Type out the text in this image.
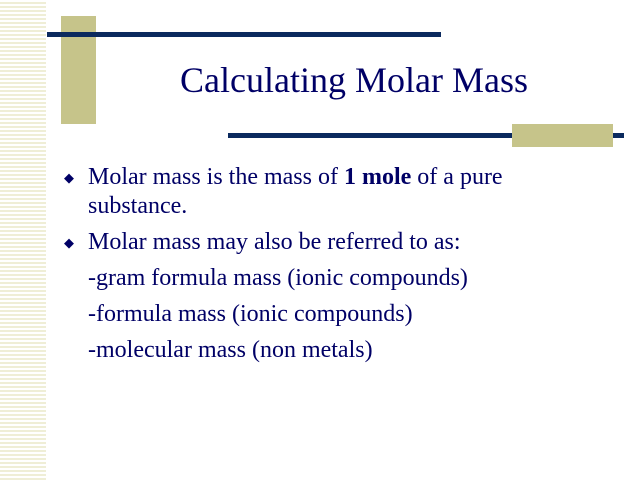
Calculating Molar Mass
◆ Molar mass is the mass of 1 mole of a pure substance.
◆ Molar mass may also be referred to as:
-gram formula mass (ionic compounds)
-formula mass (ionic compounds)
-molecular mass (non metals)
